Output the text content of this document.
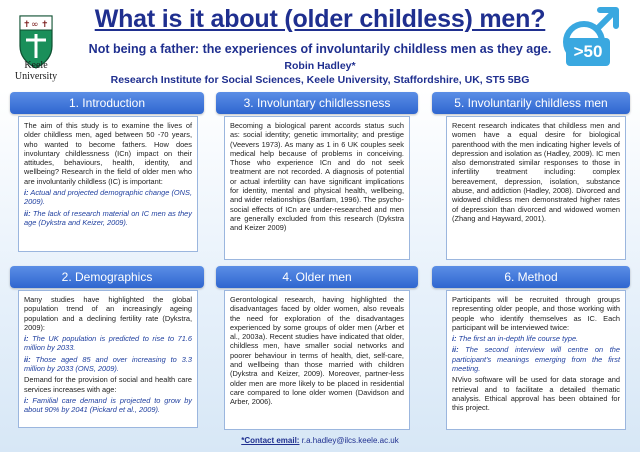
✝ ∞ ✝
Keele
University
What is it about (older childless) men?
Not being a father: the experiences of involuntarily childless men as they age.
Robin Hadley*
Research Institute for Social Sciences, Keele University, Staffordshire, UK, ST5 5BG
>50
1. Introduction

The aim of this study is to examine the lives of older childless men, aged between 50 -70 years, who wanted to become fathers. How does involuntary childlessness (ICn) impact on their attitudes, behaviours, health, identity, and wellbeing? Research in the field of older men who are involuntarily childless (IC) is important:

i: Actual and projected demographic change (ONS, 2009).

ii: The lack of research material on IC men as they age (Dykstra and Keizer, 2009).

3. Involuntary childlessness

Becoming a biological parent accords status such as: social identity; genetic immortality; and prestige (Veevers 1973). As many as 1 in 6 UK couples seek medical help because of problems in conceiving. Those who experience ICn and do not seek treatment are not recorded. A diagnosis of potential or actual infertility can have significant implications for identity, mental and physical health, wellbeing, and wider relationships (Bartlam, 1996). The psycho-social effects of ICn are under-researched and men are generally excluded from this research (Dykstra and Keizer 2009)

5. Involuntarily childless men

Recent research indicates that childless men and women have a equal desire for biological parenthood with the men indicating higher levels of depression and isolation as (Hadley, 2009). IC men also demonstrated similar responses to those in infertility treatment including: complex bereavement, depression, isolation, substance abuse, and addiction (Hadley, 2008). Divorced and widowed childless men demonstrated higher rates of depression than divorced and widowed women (Zhang and Hayward, 2001).

2. Demographics

Many studies have highlighted the global population trend of an increasingly ageing population and a declining fertility rate (Dykstra, 2009):

i: The UK population is predicted to rise to 71.6 million by 2033.

ii: Those aged 85 and over increasing to 3.3 million by 2033 (ONS, 2009).

Demand for the provision of social and health care services increases with age:

i: Familial care demand is projected to grow by about 90% by 2041 (Pickard et al., 2009).

4. Older men

Gerontological research, having highlighted the disadvantages faced by older women, also reveals the need for exploration of the disadvantages experienced by some groups of older men (Arber et al., 2003a). Recent studies have indicated that older, childless men, have smaller social networks and poorer behaviour in terms of health, diet, self-care, and wellbeing than those married with children (Dykstra and Keizer, 2009). Moreover, partner-less older men are more likely to be placed in residential care compared to lone older women (Davidson and Arber, 2006).

6. Method

Participants will be recruited through groups representing older people, and those working with people who identify themselves as IC. Each participant will be interviewed twice:

i: The first an in-depth life course type.

ii: The second interview will centre on the participant's meanings emerging from the first meeting.

NVivo software will be used for data storage and retrieval and to facilitate a detailed thematic analysis. Ethical approval has been obtained for this project.

*Contact email: r.a.hadley@ilcs.keele.ac.uk
